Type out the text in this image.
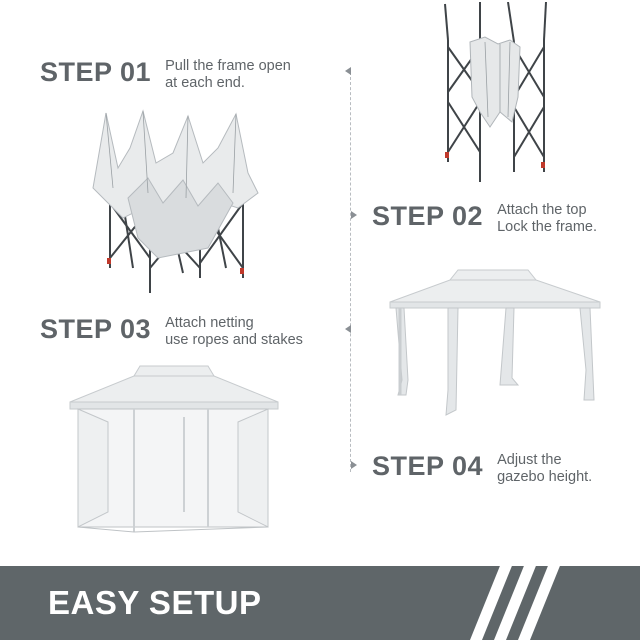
STEP 01 Pull the frame open
at each end.
STEP 02 Attach the top
Lock the frame.
STEP 03 Attach netting
use ropes and stakes
STEP 04 Adjust the
gazebo height.
EASY SETUP
